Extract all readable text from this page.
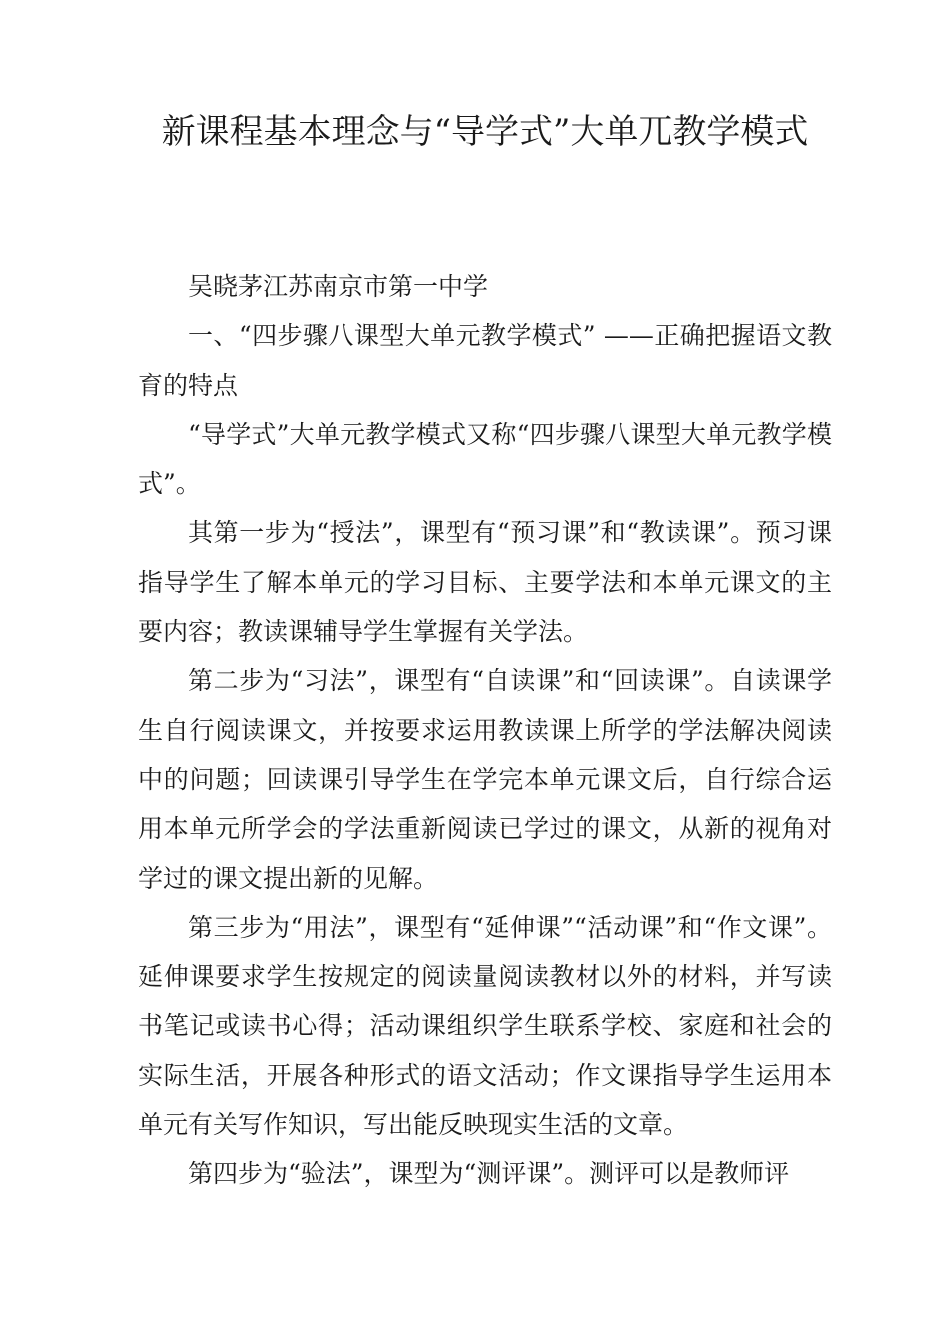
新课程基本理念与“导学式”大单兀教学模式

吴晓茅江苏南京市第一中学

一、“四步骤八课型大单元教学模式” ——正确把握语文教育的特点

“导学式”大单元教学模式又称“四步骤八课型大单元教学模式”。

其第一步为“授法”，课型有“预习课”和“教读课”。预习课指导学生了解本单元的学习目标、主要学法和本单元课文的主要内容；教读课辅导学生掌握有关学法。

第二步为“习法”，课型有“自读课”和“回读课”。自读课学生自行阅读课文，并按要求运用教读课上所学的学法解决阅读中的问题；回读课引导学生在学完本单元课文后，自行综合运用本单元所学会的学法重新阅读已学过的课文，从新的视角对学过的课文提出新的见解。

第三步为“用法”，课型有“延伸课”“活动课”和“作文课”。延伸课要求学生按规定的阅读量阅读教材以外的材料，并写读书笔记或读书心得；活动课组织学生联系学校、家庭和社会的实际生活，开展各种形式的语文活动；作文课指导学生运用本单元有关写作知识，写出能反映现实生活的文章。

第四步为“验法”，课型为“测评课”。测评可以是教师评
